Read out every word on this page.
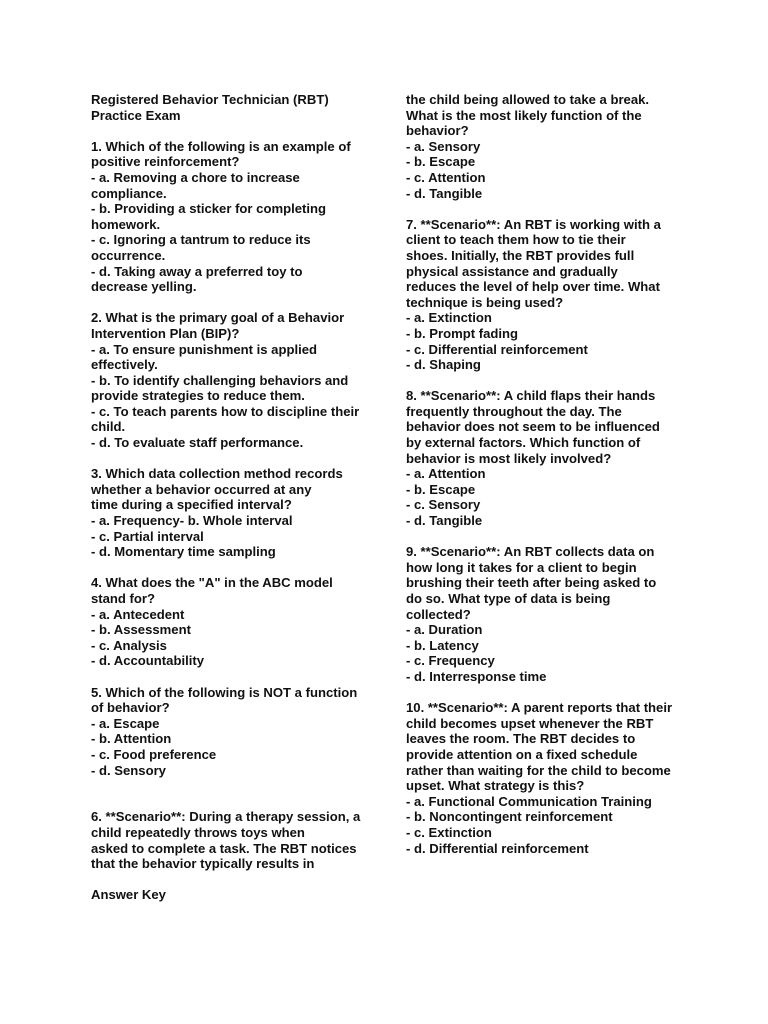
Registered Behavior Technician (RBT)
Practice Exam
1. Which of the following is an example of
positive reinforcement?
- a. Removing a chore to increase
compliance.
- b. Providing a sticker for completing
homework.
- c. Ignoring a tantrum to reduce its
occurrence.
- d. Taking away a preferred toy to
decrease yelling.
2. What is the primary goal of a Behavior
Intervention Plan (BIP)?
- a. To ensure punishment is applied
effectively.
- b. To identify challenging behaviors and
provide strategies to reduce them.
- c. To teach parents how to discipline their
child.
- d. To evaluate staff performance.
3. Which data collection method records
whether a behavior occurred at any
time during a specified interval?
- a. Frequency- b. Whole interval
- c. Partial interval
- d. Momentary time sampling
4. What does the "A" in the ABC model
stand for?
- a. Antecedent
- b. Assessment
- c. Analysis
- d. Accountability
5. Which of the following is NOT a function
of behavior?
- a. Escape
- b. Attention
- c. Food preference
- d. Sensory
6. **Scenario**: During a therapy session, a
child repeatedly throws toys when
asked to complete a task. The RBT notices
that the behavior typically results in
Answer Key
the child being allowed to take a break.
What is the most likely function of the
behavior?
- a. Sensory
- b. Escape
- c. Attention
- d. Tangible
7. **Scenario**: An RBT is working with a
client to teach them how to tie their
shoes. Initially, the RBT provides full
physical assistance and gradually
reduces the level of help over time. What
technique is being used?
- a. Extinction
- b. Prompt fading
- c. Differential reinforcement
- d. Shaping
8. **Scenario**: A child flaps their hands
frequently throughout the day. The
behavior does not seem to be influenced
by external factors. Which function of
behavior is most likely involved?
- a. Attention
- b. Escape
- c. Sensory
- d. Tangible
9. **Scenario**: An RBT collects data on
how long it takes for a client to begin
brushing their teeth after being asked to
do so. What type of data is being
collected?
- a. Duration
- b. Latency
- c. Frequency
- d. Interresponse time
10. **Scenario**: A parent reports that their
child becomes upset whenever the RBT
leaves the room. The RBT decides to
provide attention on a fixed schedule
rather than waiting for the child to become
upset. What strategy is this?
- a. Functional Communication Training
- b. Noncontingent reinforcement
- c. Extinction
- d. Differential reinforcement
